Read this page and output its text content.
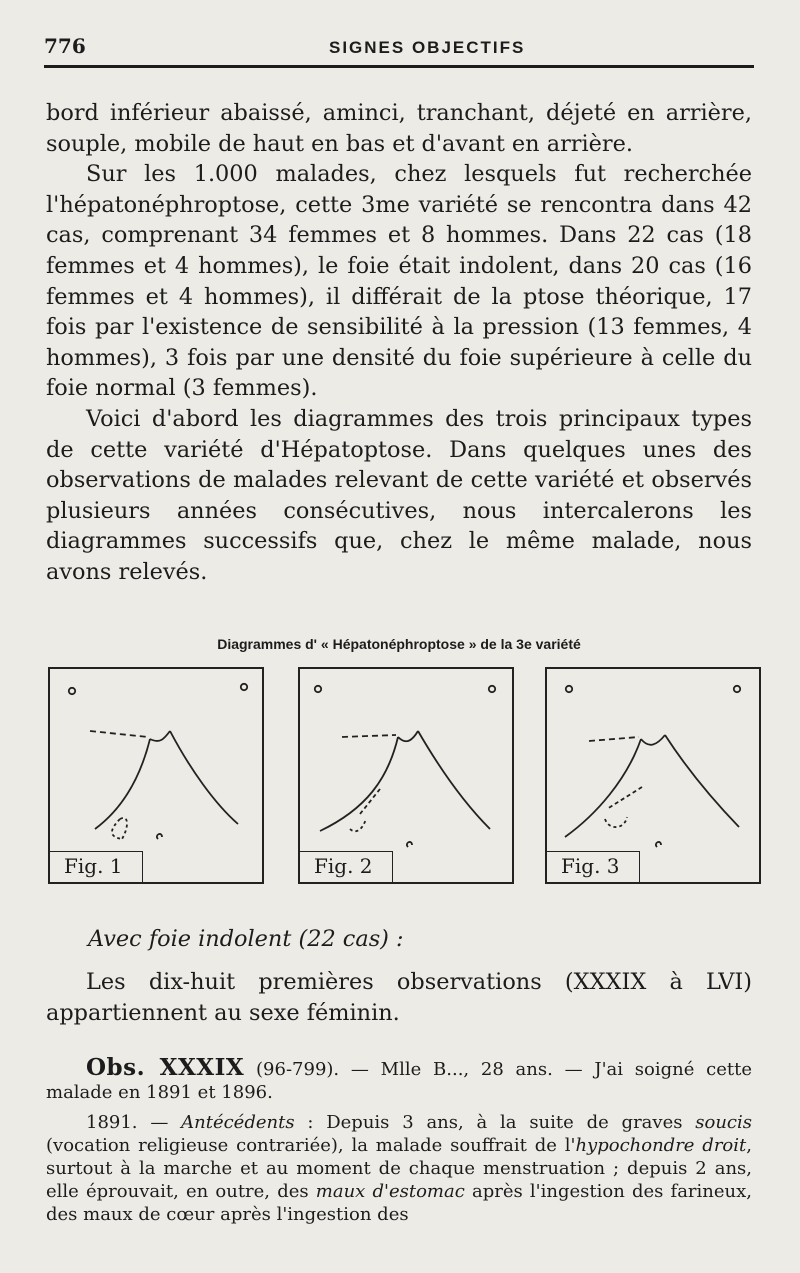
776	SIGNES OBJECTIFS

bord inférieur abaissé, aminci, tranchant, déjeté en arrière, souple, mobile de haut en bas et d'avant en arrière.

Sur les 1.000 malades, chez lesquels fut recherchée l'hépatonéphroptose, cette 3me variété se rencontra dans 42 cas, comprenant 34 femmes et 8 hommes. Dans 22 cas (18 femmes et 4 hommes), le foie était indolent, dans 20 cas (16 femmes et 4 hommes), il différait de la ptose théorique, 17 fois par l'existence de sensibilité à la pression (13 femmes, 4 hommes), 3 fois par une densité du foie supérieure à celle du foie normal (3 femmes).

Voici d'abord les diagrammes des trois principaux types de cette variété d'Hépatoptose. Dans quelques unes des observations de malades relevant de cette variété et observés plusieurs années consécutives, nous intercalerons les diagrammes successifs que, chez le même malade, nous avons relevés.

Diagrammes d' « Hépatonéphroptose » de la 3e variété
Fig. 1	Fig. 2	Fig. 3
Avec foie indolent (22 cas) :

Les dix-huit premières observations (XXXIX à LVI) appartiennent au sexe féminin.

Obs. XXXIX (96-799). — Mlle B..., 28 ans. — J'ai soigné cette malade en 1891 et 1896.

1891. — Antécédents : Depuis 3 ans, à la suite de graves soucis (vocation religieuse contrariée), la malade souffrait de l'hypochondre droit, surtout à la marche et au moment de chaque menstruation ; depuis 2 ans, elle éprouvait, en outre, des maux d'estomac après l'ingestion des farineux, des maux de cœur après l'ingestion des
